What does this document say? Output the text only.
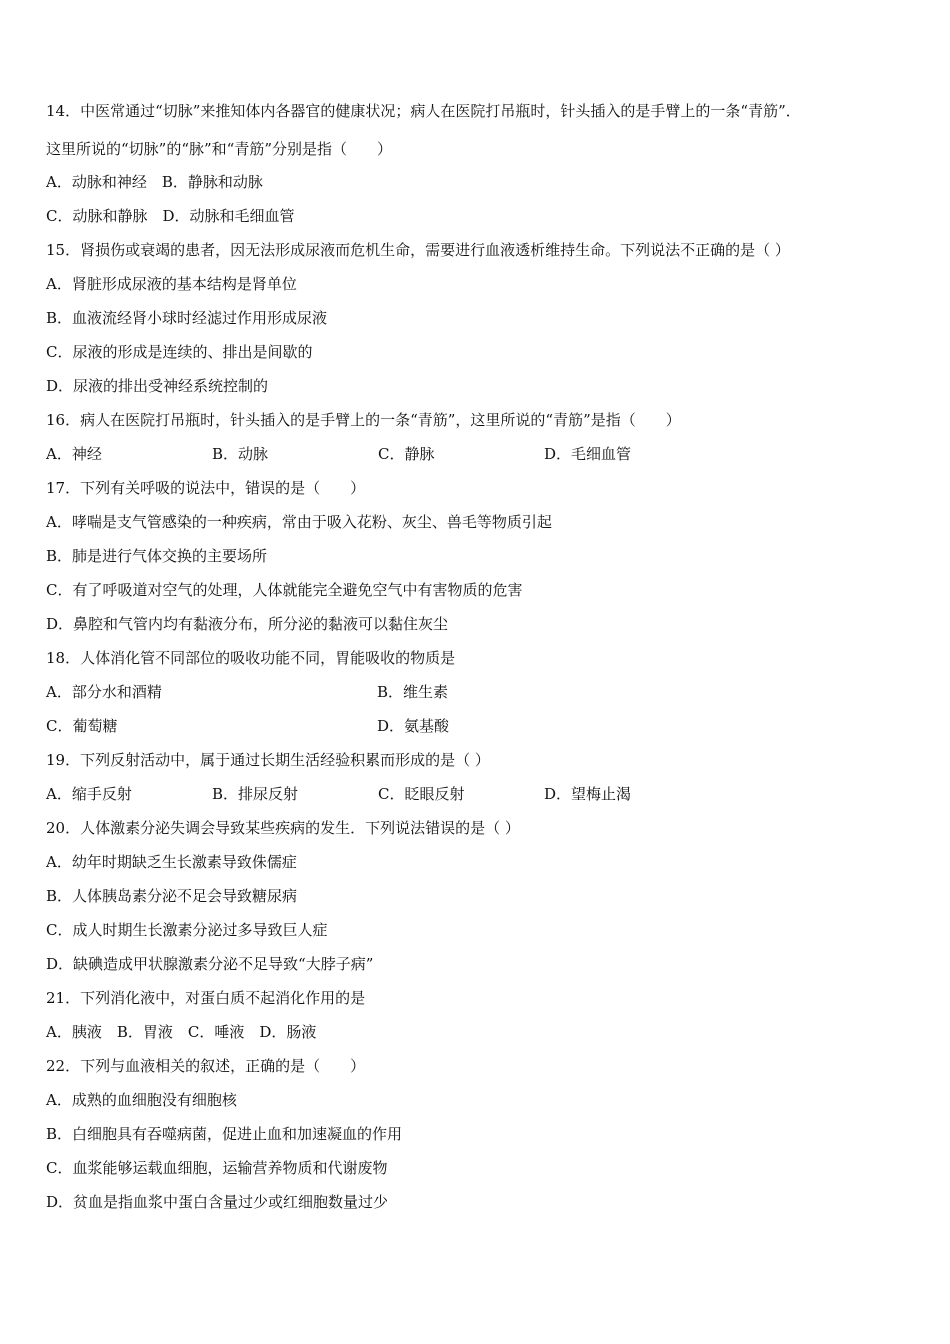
14．中医常通过“切脉”来推知体内各器官的健康状况；病人在医院打吊瓶时，针头插入的是手臂上的一条“青筋”．
这里所说的“切脉”的“脉”和“青筋”分别是指（　　）
A．动脉和神经　B．静脉和动脉
C．动脉和静脉　D．动脉和毛细血管
15．肾损伤或衰竭的患者，因无法形成尿液而危机生命，需要进行血液透析维持生命。下列说法不正确的是（ ）
A．肾脏形成尿液的基本结构是肾单位
B．血液流经肾小球时经滤过作用形成尿液
C．尿液的形成是连续的、排出是间歇的
D．尿液的排出受神经系统控制的
16．病人在医院打吊瓶时，针头插入的是手臂上的一条“青筋”，这里所说的“青筋”是指（　　）
A．神经	B．动脉	C．静脉	D．毛细血管
17．下列有关呼吸的说法中，错误的是（　　）
A．哮喘是支气管感染的一种疾病，常由于吸入花粉、灰尘、兽毛等物质引起
B．肺是进行气体交换的主要场所
C．有了呼吸道对空气的处理，人体就能完全避免空气中有害物质的危害
D．鼻腔和气管内均有黏液分布，所分泌的黏液可以黏住灰尘
18．人体消化管不同部位的吸收功能不同，胃能吸收的物质是
A．部分水和酒精	B．维生素
C．葡萄糖	D．氨基酸
19．下列反射活动中，属于通过长期生活经验积累而形成的是（ ）
A．缩手反射	B．排尿反射	C．眨眼反射	D．望梅止渴
20．人体激素分泌失调会导致某些疾病的发生．下列说法错误的是（ ）
A．幼年时期缺乏生长激素导致侏儒症
B．人体胰岛素分泌不足会导致糖尿病
C．成人时期生长激素分泌过多导致巨人症
D．缺碘造成甲状腺激素分泌不足导致“大脖子病”
21．下列消化液中，对蛋白质不起消化作用的是
A．胰液　B．胃液　C．唾液　D．肠液
22．下列与血液相关的叙述，正确的是（　　）
A．成熟的血细胞没有细胞核
B．白细胞具有吞噬病菌，促进止血和加速凝血的作用
C．血浆能够运载血细胞，运输营养物质和代谢废物
D．贫血是指血浆中蛋白含量过少或红细胞数量过少
